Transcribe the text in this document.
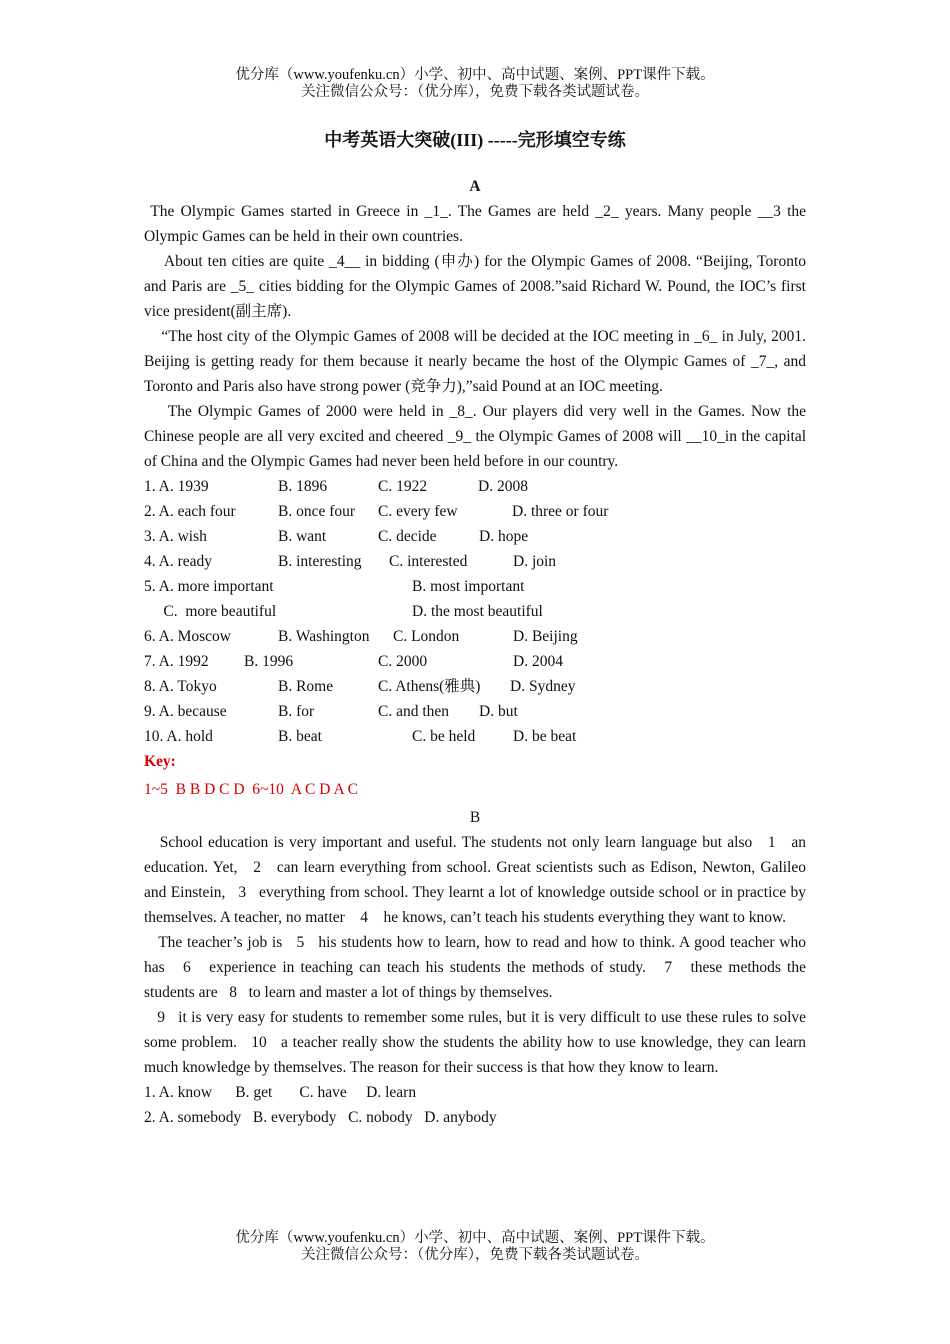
优分库（www.youfenku.cn）小学、初中、高中试题、案例、PPT课件下载。
关注微信公众号：（优分库），免费下载各类试题试卷。
中考英语大突破(III) -----完形填空专练
A
The Olympic Games started in Greece in _1_. The Games are held _2_ years. Many people __3 the Olympic Games can be held in their own countries.
About ten cities are quite _4__ in bidding (申办) for the Olympic Games of 2008. “Beijing, Toronto and Paris are _5_ cities bidding for the Olympic Games of 2008.”said Richard W. Pound, the IOC’s first vice president(副主席).
“The host city of the Olympic Games of 2008 will be decided at the IOC meeting in _6_ in July, 2001. Beijing is getting ready for them because it nearly became the host of the Olympic Games of _7_, and Toronto and Paris also have strong power (竞争力),”said Pound at an IOC meeting.
The Olympic Games of 2000 were held in _8_. Our players did very well in the Games. Now the Chinese people are all very excited and cheered _9_ the Olympic Games of 2008 will __10_in the capital of China and the Olympic Games had never been held before in our country.
1. A. 1939	B. 1896	C. 1922	D. 2008
2. A. each four	B. once four	C. every few	D. three or four
3. A. wish	B. want	C. decide	D. hope
4. A. ready	B. interesting	C. interested	D. join
5. A. more important	B. most important
C.  more beautiful	D. the most beautiful
6. A. Moscow	B. Washington	C. London	D. Beijing
7. A. 1992	B. 1996	C. 2000	D. 2004
8. A. Tokyo	B. Rome	C. Athens(雅典)	D. Sydney
9. A. because	B. for	C. and then	D. but
10. A. hold	B. beat	C. be held	D. be beat
Key:
1~5  B B D C D  6~10  A C D A C
B
School education is very important and useful. The students not only learn language but also   1   an education. Yet,   2   can learn everything from school. Great scientists such as Edison, Newton, Galileo and Einstein,   3   everything from school. They learnt a lot of knowledge outside school or in practice by themselves. A teacher, no matter    4    he knows, can’t teach his students everything they want to know.
The teacher’s job is   5   his students how to learn, how to read and how to think. A good teacher who has   6   experience in teaching can teach his students the methods of study.   7   these methods the students are   8   to learn and master a lot of things by themselves.
9   it is very easy for students to remember some rules, but it is very difficult to use these rules to solve some problem.   10   a teacher really show the students the ability how to use knowledge, they can learn much knowledge by themselves. The reason for their success is that how they know to learn.
1. A. know      B. get       C. have     D. learn
2. A. somebody   B. everybody   C. nobody   D. anybody
优分库（www.youfenku.cn）小学、初中、高中试题、案例、PPT课件下载。
关注微信公众号：（优分库），免费下载各类试题试卷。
